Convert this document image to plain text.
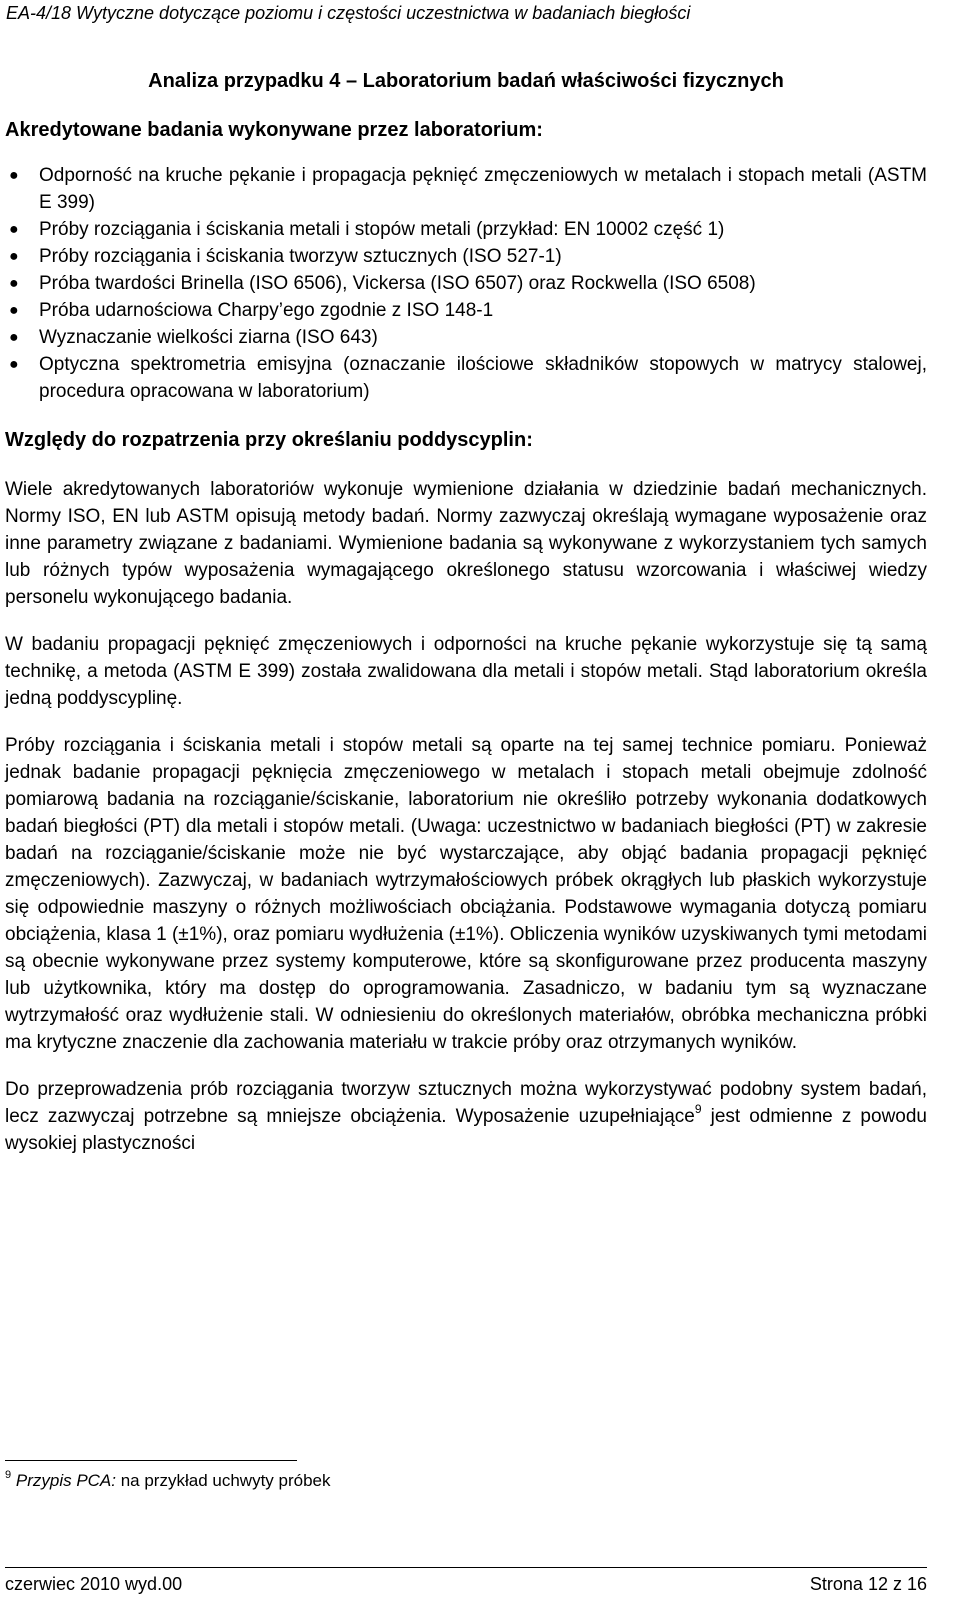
EA-4/18 Wytyczne dotyczące poziomu i częstości uczestnictwa w badaniach biegłości

Analiza przypadku 4 – Laboratorium badań właściwości fizycznych

Akredytowane badania wykonywane przez laboratorium:

● Odporność na kruche pękanie i propagacja pęknięć zmęczeniowych w metalach i stopach metali (ASTM E 399)
● Próby rozciągania i ściskania metali i stopów metali (przykład: EN 10002 część 1)
● Próby rozciągania i ściskania tworzyw sztucznych (ISO 527-1)
● Próba twardości Brinella (ISO 6506), Vickersa (ISO 6507) oraz Rockwella (ISO 6508)
● Próba udarnościowa Charpy’ego zgodnie z ISO 148-1
● Wyznaczanie wielkości ziarna (ISO 643)
● Optyczna spektrometria emisyjna (oznaczanie ilościowe składników stopowych w matrycy stalowej, procedura opracowana w laboratorium)

Względy do rozpatrzenia przy określaniu poddyscyplin:

Wiele akredytowanych laboratoriów wykonuje wymienione działania w dziedzinie badań mechanicznych. Normy ISO, EN lub ASTM opisują metody badań. Normy zazwyczaj określają wymagane wyposażenie oraz inne parametry związane z badaniami. Wymienione badania są wykonywane z wykorzystaniem tych samych lub różnych typów wyposażenia wymagającego określonego statusu wzorcowania i właściwej wiedzy personelu wykonującego badania.

W badaniu propagacji pęknięć zmęczeniowych i odporności na kruche pękanie wykorzystuje się tą samą technikę, a metoda (ASTM E 399) została zwalidowana dla metali i stopów metali. Stąd laboratorium określa jedną poddyscyplinę.

Próby rozciągania i ściskania metali i stopów metali są oparte na tej samej technice pomiaru. Ponieważ jednak badanie propagacji pęknięcia zmęczeniowego w metalach i stopach metali obejmuje zdolność pomiarową badania na rozciąganie/ściskanie, laboratorium nie określiło potrzeby wykonania dodatkowych badań biegłości (PT) dla metali i stopów metali. (Uwaga: uczestnictwo w badaniach biegłości (PT) w zakresie badań na rozciąganie/ściskanie może nie być wystarczające, aby objąć badania propagacji pęknięć zmęczeniowych). Zazwyczaj, w badaniach wytrzymałościowych próbek okrągłych lub płaskich wykorzystuje się odpowiednie maszyny o różnych możliwościach obciążania. Podstawowe wymagania dotyczą pomiaru obciążenia, klasa 1 (±1%), oraz pomiaru wydłużenia (±1%). Obliczenia wyników uzyskiwanych tymi metodami są obecnie wykonywane przez systemy komputerowe, które są skonfigurowane przez producenta maszyny lub użytkownika, który ma dostęp do oprogramowania. Zasadniczo, w badaniu tym są wyznaczane wytrzymałość oraz wydłużenie stali. W odniesieniu do określonych materiałów, obróbka mechaniczna próbki ma krytyczne znaczenie dla zachowania materiału w trakcie próby oraz otrzymanych wyników.

Do przeprowadzenia prób rozciągania tworzyw sztucznych można wykorzystywać podobny system badań, lecz zazwyczaj potrzebne są mniejsze obciążenia. Wyposażenie uzupełniające$^9$ jest odmienne z powodu wysokiej plastyczności

$^9$ Przypis PCA: na przykład uchwyty próbek
czerwiec 2010 wyd.00	Strona 12 z 16
